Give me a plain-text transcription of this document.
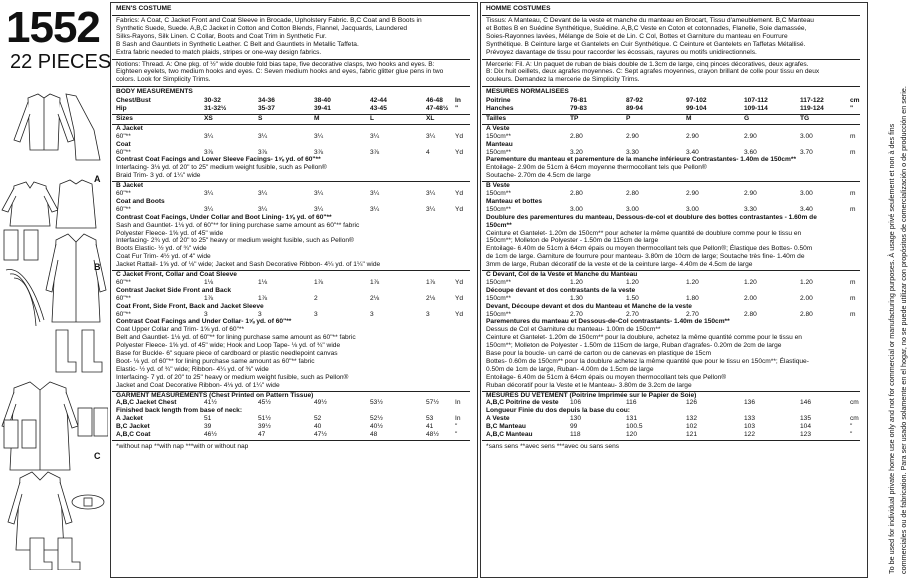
1552
22 PIECES
A
B
C
MEN'S COSTUME
Fabrics: A Coat, C Jacket Front and Coat Sleeve in Brocade, Upholstery Fabric. B,C Coat and B Boots in
Synthetic Suede, Suede. A,B,C Jacket in Cotton and Cotton Blends, Flannel, Jacquards, Laundered
Silks-Rayons, Silk Linen. C Collar, Boots and Coat Trim in Synthetic Fur.
B Sash and Gauntlets in Synthetic Leather. C Belt and Gauntlets in Metallic Taffeta.
Extra fabric needed to match plaids, stripes or one-way design fabrics.
Notions: Thread. A: One pkg. of ½" wide double fold bias tape, five decorative clasps, two hooks and eyes. B:
Eighteen eyelets, two medium hooks and eyes. C: Seven medium hooks and eyes, fabric glitter glue pens in two
colors. Look for Simplicity Trims.
BODY MEASUREMENTS
Chest/Bust	30-32	34-36	38-40	42-44	46-48 In
Hip	31-32½	35-37	39-41	43-45	47-48½ "
Sizes	XS	S	M	L	XL
A Jacket
60"**	3¼	3¼	3¼	3¼	3¼	Yd
Coat
60"**	3⅞	3⅞	3⅞	3⅞	4	Yd
Contrast Coat Facings and Lower Sleeve Facings- 1⅝ yd. of 60"**
Interfacing- 3⅛ yd. of 20" to 25" medium weight fusible, such as Pellon®
Braid Trim- 3 yd. of 1¼" wide
B Jacket
60"**	3¼	3¼	3¼	3¼	3¼	Yd
Coat and Boots
60"**	3¼	3¼	3¼	3¼	3¼	Yd
Contrast Coat Facings, Under Collar and Boot Lining- 1⅝ yd. of 60"**
Sash and Gauntlet- 1⅛ yd. of 60"** for lining purchase same amount as 60"** fabric
Polyester Fleece- 1⅝ yd. of 45" wide
Interfacing- 2¾ yd. of 20" to 25" heavy or medium weight fusible, such as Pellon®
Boots Elastic- ½ yd. of ¾" wide
Coat Fur Trim- 4½ yd. of 4" wide
Jacket Rattail- 1⅝ yd. of ⅛" wide; Jacket and Sash Decorative Ribbon- 4¼ yd. of 1¼" wide
C Jacket Front, Collar and Coat Sleeve
60"**	1⅛	1⅛	1⅞	1⅞	1⅞	Yd
Contrast Jacket Side Front and Back
60"**	1⅞	1⅞	2	2⅛	2⅛	Yd
Coat Front, Side Front, Back and Jacket Sleeve
60"**	3	3	3	3	3	Yd
Contrast Coat Facings and Under Collar- 1⅝ yd. of 60"**
Coat Upper Collar and Trim- 1⅝ yd. of 60"**
Belt and Gauntlet- 1⅛ yd. of 60"** for lining purchase same amount as 60"** fabric
Polyester Fleece- 1⅝ yd. of 45" wide; Hook and Loop Tape- ⅛ yd. of ¾" wide
Base for Buckle- 6" square piece of cardboard or plastic needlepoint canvas
Boot- ⅛ yd. of 60"** for lining purchase same amount as 60"** fabric
Elastic- ½ yd. of ¾" wide; Ribbon- 4¼ yd. of ⅜" wide
Interfacing- 7 yd. of 20" to 25" heavy or medium weight fusible, such as Pellon®
Jacket and Coat Decorative Ribbon- 4⅛ yd. of 1¼" wide
GARMENT MEASUREMENTS (Chest Printed on Pattern Tissue)
A,B,C Jacket Chest	41½	45½	49½	53½	57½ In
Finished back length from base of neck:
A Jacket	51	51½	52	52½	53	In
B,C Jacket	39	39½	40	40½	41	"
A,B,C Coat	46½	47	47½	48	48½ "
*without nap **with nap ***with or without nap
HOMME COSTUMES
Tissus: A Manteau, C Devant de la veste et manche du manteau en Brocart, Tissu d'ameublement. B,C Manteau
et Bottes B en Suédine Synthétique, Suédine. A,B,C Veste en Coton et cotonnades, Flanelle, Soie damassée,
Soies-Rayonnes lavées, Mélange de Soie et de Lin. C Col, Bottes et Garniture du manteau en Fourrure
Synthétique. B Ceinture large et Gantelets en Cuir Synthétique. C Ceinture et Gantelets en Taffetas Métallisé.
Prévoyez davantage de tissu pour raccorder les écossais, rayures ou motifs unidirectionnels.
Mercerie: Fil. A: Un paquet de ruban de biais double de 1.3cm de large, cinq pinces décoratives, deux agrafes.
B: Dix huit oeillets, deux agrafes moyennes. C: Sept agrafes moyennes, crayon brillant de colle pour tissu en deux
couleurs. Demandez la mercerie de Simplicity Trims.
MESURES NORMALISEES
Poitrine	76-81	87-92	97-102	107-112	117-122	cm
Hanches	79-83	89-94	99-104	109-114	119-124	"
Tailles	TP	P	M	G	TG
A Veste
150cm**	2.80	2.90	2.90	2.90	3.00	m
Manteau
150cm**	3.20	3.30	3.40	3.60	3.70	m
Parementure du manteau et parementure de la manche inférieure Contrastantes- 1.40m de 150cm**
Entoilage- 2.90m de 51cm à 64cm moyenne thermocollant tels que Pellon®
Soutache- 2.70m de 4.5cm de large
B Veste
150cm**	2.80	2.80	2.90	2.90	3.00	m
Manteau et bottes
150cm**	3.00	3.00	3.00	3.30	3.40	m
Doublure des parementures du manteau, Dessous-de-col et doublure des bottes contrastantes - 1.60m de
150cm**
Ceinture et Gantelet- 1.20m de 150cm** pour acheter la même quantité de doublure comme pour le tissu en
150cm**; Molleton de Polyester - 1.50m de 115cm de large
Entoilage- 6.40m de 51cm à 64cm épais ou moyen thermocollant tels que Pellon®; Élastique des Bottes- 0.50m
de 1cm de large. Garniture de fourrure pour manteau- 3.80m de 10cm de large; Soutache très fine- 1.40m de
3mm de large, Ruban décoratif de la veste et de la ceinture large- 4.40m de 4.5cm de large
C Devant, Col de la Veste et Manche du Manteau
150cm**	1.20	1.20	1.20	1.20	1.20	m
Découpe devant et dos contrastants de la veste
150cm**	1.30	1.50	1.80	2.00	2.00	m
Devant, Découpe devant et dos du Manteau et Manche de la veste
150cm**	2.70	2.70	2.70	2.80	2.80	m
Parementures du manteau et Dessous-de-Col contrastants- 1.40m de 150cm**
Dessus de Col et Garniture du manteau- 1.00m de 150cm**
Ceinture et Gantelet- 1.20m de 150cm** pour la doublure, achetez la même quantité comme pour le tissu en
150cm**; Molleton de Polyester - 1.50m de 115cm de large, Ruban d'agrafes- 0.20m de 2cm de large
Base pour la boucle- un carré de carton ou de canevas en plastique de 15cm
Bottes- 0.60m de 150cm** pour la doublure achetez la même quantité que pour le tissu en 150cm**; Élastique-
0.50m de 1cm de large, Ruban- 4.00m de 1.5cm de large
Entoilage- 6.40m de 51cm à 64cm épais ou moyen thermocollant tels que Pellon®
Ruban décoratif pour la Veste et le Manteau- 3.80m de 3.2cm de large
MESURES DU VÊTEMENT (Poitrine Imprimée sur le Papier de Soie)
A,B,C Poitrine de veste 106	116	126	136	146	cm
Longueur Finie du dos depuis la base du cou:
A Veste	130	131	132	133	135	cm
B,C Manteau	99	100.5	102	103	104	"
A,B,C Manteau	118	120	121	122	123	"
*sans sens **avec sens ***avec ou sans sens	To be used for individual private home use only and not for commercial or manufacturing purposes. À usage privé seulement et non à des fins commerciales ou de fabrication. Para ser usado solamente en el hogar, no se puede utilizar con propósitos de comercialización o de producción en serie.
